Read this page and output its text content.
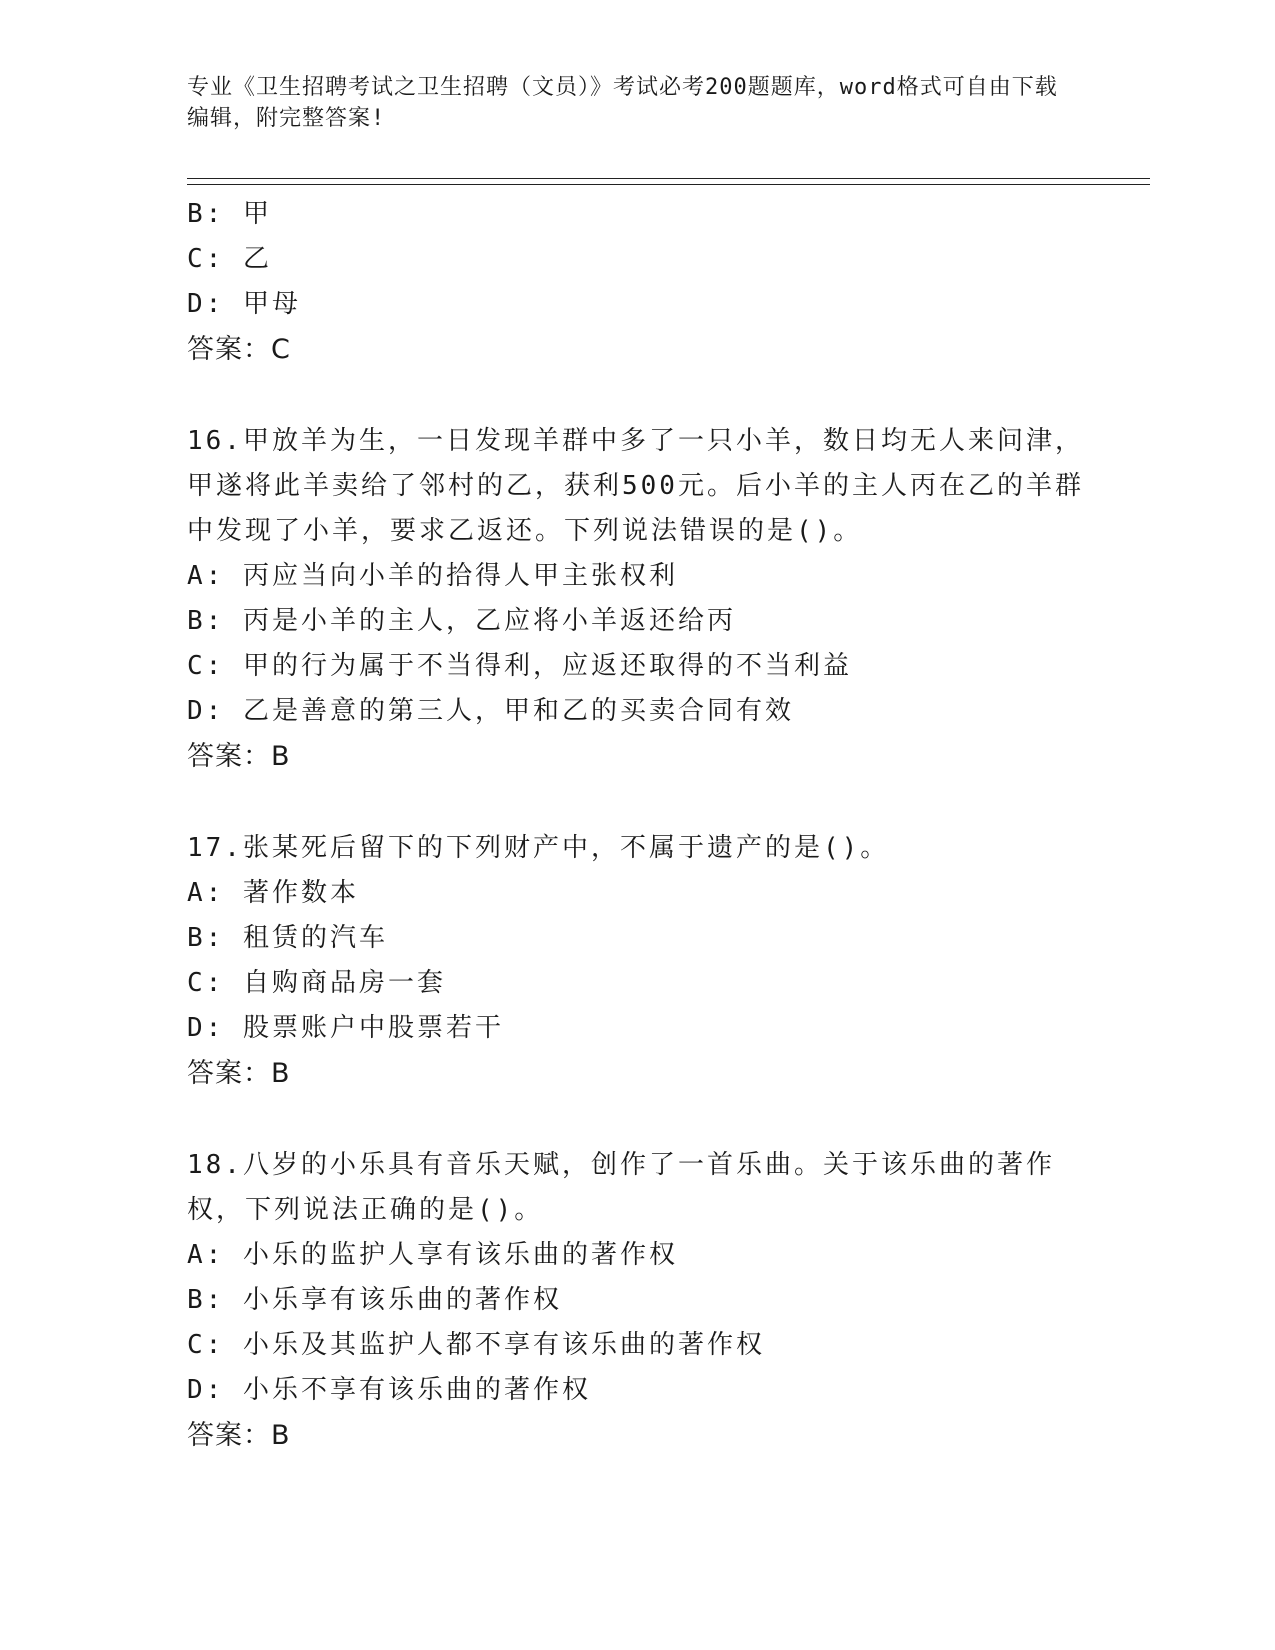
专业《卫生招聘考试之卫生招聘（文员）》考试必考200题题库，word格式可自由下载编辑，附完整答案!
B: 甲
C: 乙
D: 甲母
答案：C
16.甲放羊为生，一日发现羊群中多了一只小羊，数日均无人来问津，甲遂将此羊卖给了邻村的乙，获利500元。后小羊的主人丙在乙的羊群中发现了小羊，要求乙返还。下列说法错误的是()。
A: 丙应当向小羊的拾得人甲主张权利
B: 丙是小羊的主人，乙应将小羊返还给丙
C: 甲的行为属于不当得利，应返还取得的不当利益
D: 乙是善意的第三人，甲和乙的买卖合同有效
答案：B
17.张某死后留下的下列财产中，不属于遗产的是()。
A: 著作数本
B: 租赁的汽车
C: 自购商品房一套
D: 股票账户中股票若干
答案：B
18.八岁的小乐具有音乐天赋，创作了一首乐曲。关于该乐曲的著作权，下列说法正确的是()。
A: 小乐的监护人享有该乐曲的著作权
B: 小乐享有该乐曲的著作权
C: 小乐及其监护人都不享有该乐曲的著作权
D: 小乐不享有该乐曲的著作权
答案：B
